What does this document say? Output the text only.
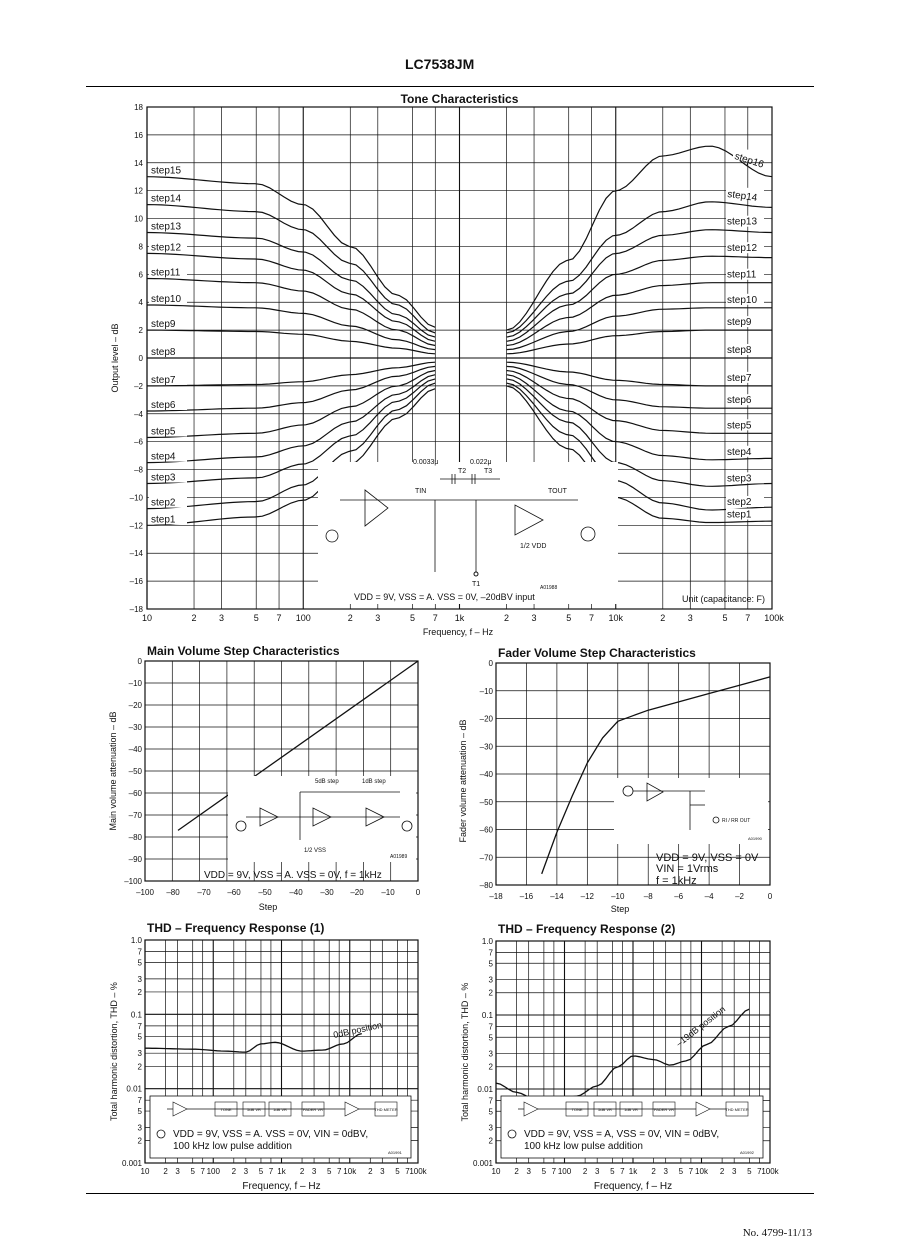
LC7538JM
Tone Characteristics
18
16
14
12
10
8
6
4
2
0
–2
–4
–6
–8
–10
–12
–14
–16
–18
10	2 3	5 7 100	2 3	5 7 1k	2 3	5 7 10k	2 3	5 7 100k
Frequency, f – Hz
Output level – dB
step15
step14
step13
step12
step11
step10
step9
step8
step7
step6
step5
step4
step3
step2
step1
step16
step14
step13
step12
step11
step10
step9
step8
step7
step6
step5
step4
step3
step2
step1
0.0033μ	0.022μ
T2	T3
TIN	TOUT
T1
1/2 VDD
A01988
VDD = 9V, VSS = A. VSS = 0V, –20dBV input	Unit (capacitance: F)
Main Volume Step Characteristics
0
–10
–20
–30
–40
–50
–60
–70
–80
–90
–100
–100 –80 –70 –60 –50 –40 –30 –20 –10	0
Step
Main volume attenuation – dB	5dB step	1dB step
1/2 VSS
A01989
VDD = 9V, VSS = A. VSS = 0V, f = 1kHz
Fader Volume Step Characteristics
0
–10
–20
–30
–40
–50
–60
–70
–80
–18 –16 –14 –12 –10 –8	–6	–4	–2	0
Step
Fader volume attenuation – dB	RI / RR OUT
A01990
VDD = 9V, VSS = 0V
VIN = 1Vrms
f = 1kHz
THD – Frequency Response (1)
1.0
7
5
3
2
0.1
7
5
3
2
0.01
7
5
3
2
0.001
10 2 3 5 7 100 2 3 5 7 1k 2 3 5 7 10k 2 3 5 7 100k
Frequency, f – Hz
Total harmonic distortion, THD – %	0dB position
TONE	5dB VR	1dB VR	FADER VR	THD METER
VDD = 9V, VSS = A. VSS = 0V, VIN = 0dBV,
100 kHz low pulse addition
A01991
THD – Frequency Response (2)
1.0
7
5
3
2
0.1
7
5
3
2
0.01
7
5
3
2
0.001
10 2 3 5 7 100 2 3 5 7 1k 2 3 5 7 10k 2 3 5 7 100k
Frequency, f – Hz
Total harmonic distortion, THD – %	–19dB position
TONE	5dB VR	1dB VR	FADER VR	THD METER
VDD = 9V, VSS = A, VSS = 0V, VIN = 0dBV,
100 kHz low pulse addition
A01992
No. 4799-11/13
